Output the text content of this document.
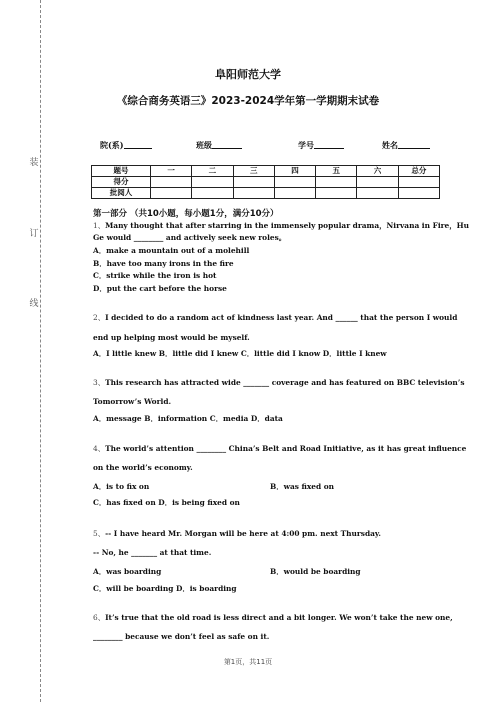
装
订
线
阜阳师范大学
《综合商务英语三》2023-2024学年第一学期期末试卷
院(系)	班级	学号	姓名
题号	一	二	三	四	五	六	总分
得分							
批阅人							
第一部分 （共10小题，每小题1分，满分10分）
1、Many thought that after starring in the immensely popular drama，Nirvana in Fire，Hu
Ge would ________ and actively seek new roles。
A．make a mountain out of a molehill
B．have too many irons in the fire
C．strike while the iron is hot
D．put the cart before the horse
2、I decided to do a random act of kindness last year. And ______ that the person I would
end up helping most would be myself.
A．I little knew B．little did I knew C．little did I know D．little I knew
3、This research has attracted wide _______ coverage and has featured on BBC television’s
Tomorrow’s World.
A．message B．information C．media D．data
4、The world’s attention ________ China’s Belt and Road Initiative, as it has great influence
on the world’s economy.
A．is to fix on	B．was fixed on
C．has fixed on D．is being fixed on
5、-- I have heard Mr. Morgan will be here at 4:00 pm. next Thursday.
-- No, he _______ at that time.
A．was boarding	B．would be boarding
C．will be boarding D．is boarding
6、It’s true that the old road is less direct and a bit longer. We won’t take the new one,
________ because we don’t feel as safe on it.
第1页，共11页
